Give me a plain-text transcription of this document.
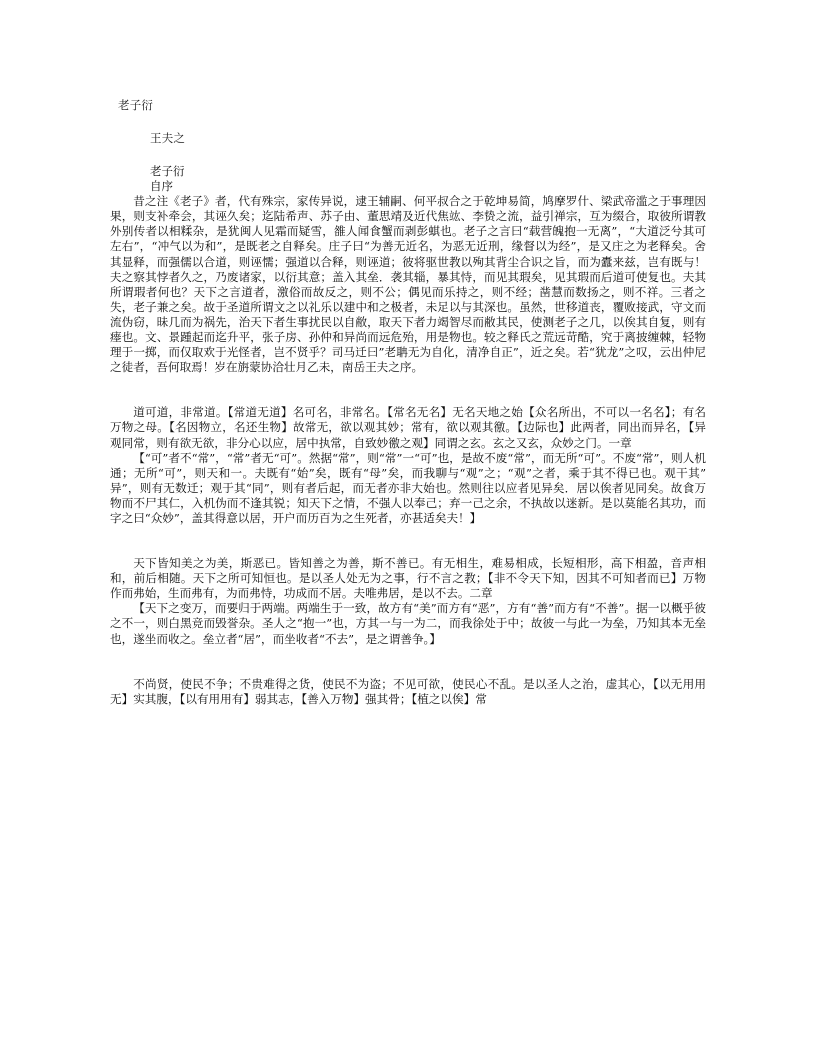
老子衍
王夫之
老子衍
自序

昔之注《老子》者，代有殊宗，家传异说，逮王辅嗣、何平叔合之于乾坤易简，鸠摩罗什、梁武帝滥之于事理因果，则支补牵会，其诬久矣；迄陆希声、苏子由、董思靖及近代焦竑、李贽之流，益引禅宗，互为缀合，取彼所谓教外别传者以相糅杂，是犹闽人见霜而疑雪，雒人闻食蟹而剥彭蜞也。老子之言曰“载营魄抱一无离”，“大道泛兮其可左右”，“冲气以为和”，是既老之自释矣。庄子曰“为善无近名，为恶无近刑，缘督以为经”，是又庄之为老释矣。舍其显释，而强儒以合道，则诬懦；强道以合释，则诬道；彼将驱世教以殉其背尘合识之旨，而为蠹来兹，岂有既与！夫之察其悖者久之，乃废诸家，以衍其意；盖入其垒．袭其辎，暴其恃，而见其瑕矣，见其瑕而后道可使复也。夫其所谓瑕者何也？天下之言道者，激俗而故反之，则不公；偶见而乐持之，则不经；凿慧而数扬之，则不祥。三者之失，老子兼之矣。故于圣道所谓文之以礼乐以建中和之极者，未足以与其深也。虽然，世移道丧，覆败接武，守文而流伪窃，昧几而为祸先，治天下者生事扰民以自敝，取天下者力竭智尽而敝其民，使测老子之几，以俟其自复，则有瘗也。文、景踵起而迄升平，张子房、孙仲和异尚而远危殆，用是物也。较之释氏之荒远苛酷，究于离披缠棘，轻物理于一掷，而仅取欢于光怪者，岂不贤乎？司马迁曰”老聃无为自化，清净自正”，近之矣。若“犹龙”之叹，云出仲尼之徒者，吾何取焉！岁在旃蒙协洽壮月乙未，南岳王夫之序。

道可道，非常道。【常道无道】名可名，非常名。【常名无名】无名天地之始【众名所出，不可以一名名】；有名万物之母。【名因物立，名还生物】故常无，欲以观其妙；常有，欲以观其徼。【边际也】此两者，同出而异名，【异观同常，则有欲无欲，非分心以应，居中执常，自致妙徼之观】同谓之玄。玄之又玄，众妙之门。一章

【“可”者不“常”，“常”者无“可”。然据“常”，则“常”一“可”也，是故不废“常”，而无所“可”。不废“常”，则人机通；无所“可”，则天和一。夫既有“始”矣，既有“母”矣，而我聊与“观”之；“观”之者，乘于其不得已也。观干其”异”，则有无数迁；观于其“同”，则有者后起，而无者亦非大始也。然则往以应者见异矣．居以俟者见同矣。故食万物而不尸其仁，入机伪而不逢其锐；知天下之情，不强人以奉己；弃一己之余，不执故以迷新。是以莫能名其功，而字之曰“众妙”，盖其得意以居，开户而历百为之生死者，亦甚适矣夫！】

天下皆知美之为美，斯恶已。皆知善之为善，斯不善已。有无相生，难易相成，长短相形，高下相盈，音声相和，前后相随。天下之所可知恒也。是以圣人处无为之事，行不言之教；【非不令天下知，因其不可知者而已】万物作而弗始，生而弗有，为而弗恃，功成而不居。夫唯弗居，是以不去。二章

【天下之变万，而要归于两端。两端生于一致，故方有“美”而方有“恶”，方有“善”而方有“不善”。据一以概乎彼之不一，则白黑竞而毁誉杂。圣人之“抱一”也，方其一与一为二，而我徐处于中；故彼一与此一为垒，乃知其本无垒也，遂坐而收之。垒立者“居”，而坐收者“不去”，是之谓善争。】

不尚贤，使民不争；不贵难得之货，使民不为盗；不见可欲，使民心不乱。是以圣人之治，虚其心，【以无用用无】实其腹，【以有用用有】弱其志，【善入万物】强其骨；【植之以俟】常
